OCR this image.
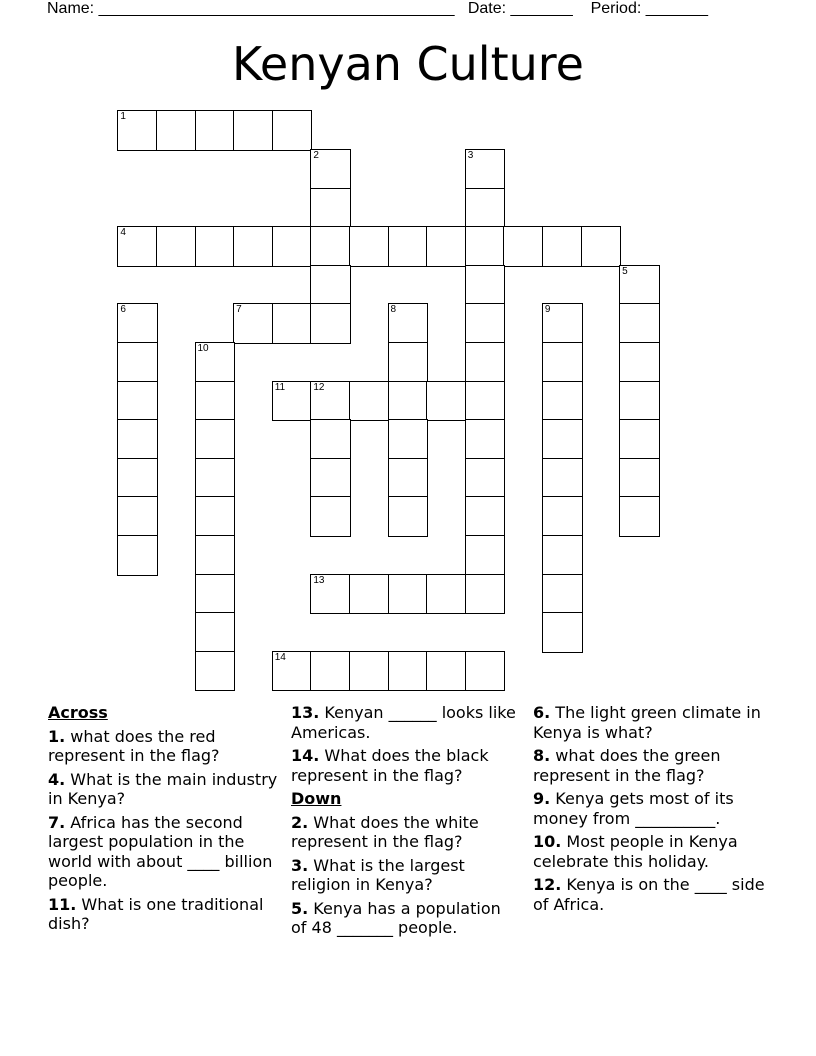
Name: ________________________________________   Date: _______    Period: _______
Kenyan Culture
1
2	3
4
5
6	7	8	9
10
11	12
13
14
Across
1. what does the red represent in the flag?
4. What is the main industry in Kenya?
7. Africa has the second largest population in the world with about ____ billion people.
11. What is one traditional dish?
13. Kenyan ______ looks like Americas.
14. What does the black represent in the flag?
Down
2. What does the white represent in the flag?
3. What is the largest religion in Kenya?
5. Kenya has a population of 48 _______ people.
6. The light green climate in Kenya is what?
8. what does the green represent in the flag?
9. Kenya gets most of its money from __________.
10. Most people in Kenya celebrate this holiday.
12. Kenya is on the ____ side of Africa.
